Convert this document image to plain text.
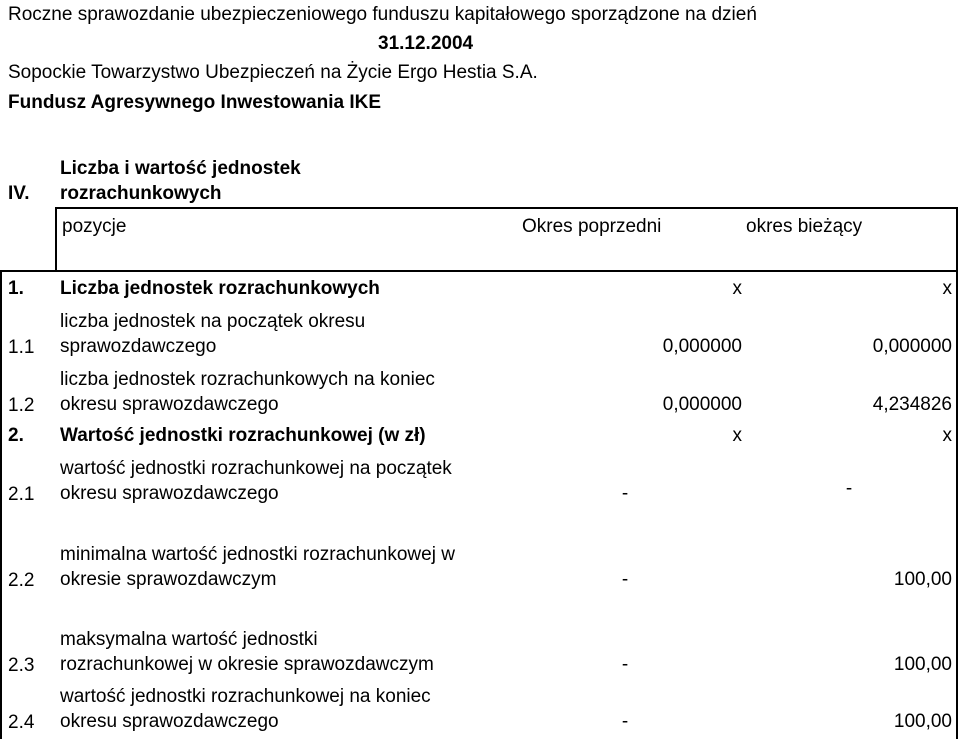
Roczne sprawozdanie ubezpieczeniowego funduszu kapitałowego sporządzone na dzień
31.12.2004
Sopockie Towarzystwo Ubezpieczeń na Życie Ergo Hestia S.A.
Fundusz Agresywnego Inwestowania IKE
IV.
Liczba i wartość jednostek
rozrachunkowych
pozycje	Okres poprzedni	okres bieżący
1. Liczba jednostek rozrachunkowych	x	x
1.1
liczba jednostek na początek okresu
sprawozdawczego	0,000000	0,000000
1.2
liczba jednostek rozrachunkowych na koniec
okresu sprawozdawczego	0,000000	4,234826
2. Wartość jednostki rozrachunkowej (w zł)	x	x
2.1
wartość jednostki rozrachunkowej na początek
okresu sprawozdawczego	-	-
2.2
minimalna wartość jednostki rozrachunkowej w
okresie sprawozdawczym	-	100,00
2.3
maksymalna wartość jednostki
rozrachunkowej w okresie sprawozdawczym	-	100,00
2.4
wartość jednostki rozrachunkowej na koniec
okresu sprawozdawczego	-	100,00
